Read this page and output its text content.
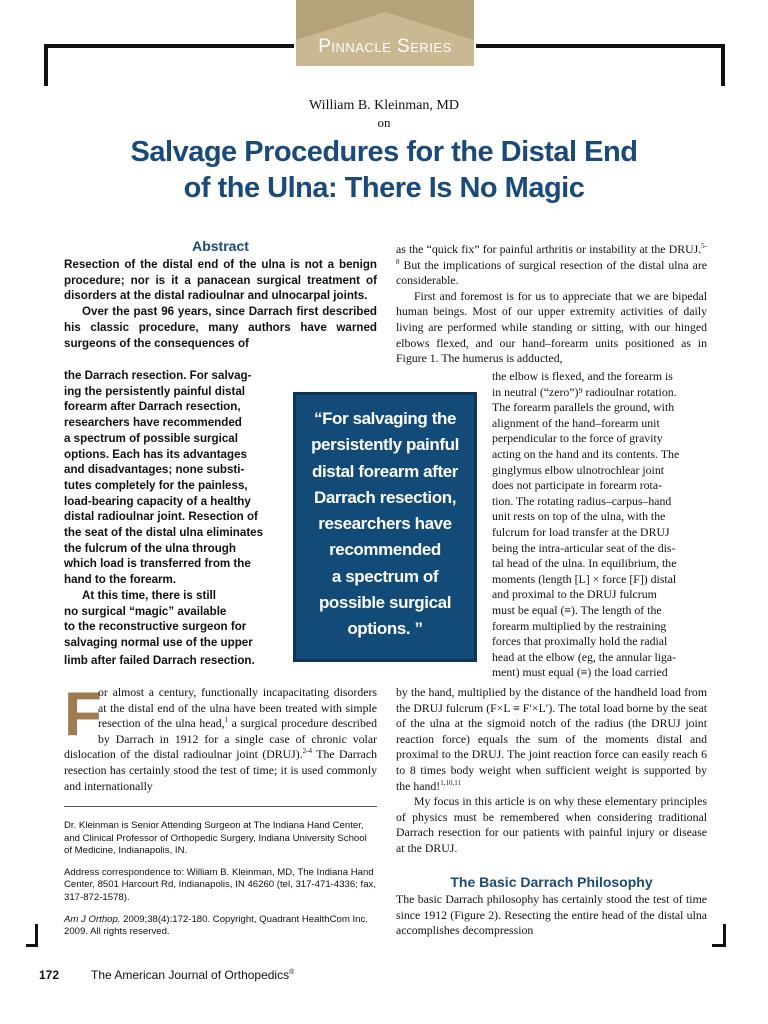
Pinnacle Series
William B. Kleinman, MD
on
Salvage Procedures for the Distal End
of the Ulna: There Is No Magic
Abstract

Resection of the distal end of the ulna is not a benign procedure; nor is it a panacean surgical treatment of disorders at the distal radioulnar and ulnocarpal joints.

Over the past 96 years, since Darrach first described his classic procedure, many authors have warned surgeons of the consequences of

the Darrach resection. For salvag-
ing the persistently painful distal
forearm after Darrach resection,
researchers have recommended
a spectrum of possible surgical
options. Each has its advantages
and disadvantages; none substi-
tutes completely for the painless,
load-bearing capacity of a healthy
distal radioulnar joint. Resection of
the seat of the distal ulna eliminates
the fulcrum of the ulna through
which load is transferred from the
hand to the forearm.
At this time, there is still
no surgical “magic” available
to the reconstructive surgeon for
salvaging normal use of the upper
limb after failed Darrach resection.
“For salvaging the
persistently painful
distal forearm after
Darrach resection,
researchers have
recommended
a spectrum of
possible surgical
options. ”
F
or almost a century, functionally incapacitating disorders at the distal end of the ulna have been treated with simple resection of the ulna head,$^1$ a surgical procedure described by Darrach in 1912 for a single case of chronic volar dislocation of the distal radioulnar joint (DRUJ).$^{2-4}$ The Darrach resection has certainly stood the test of time; it is used commonly and internationally

Dr. Kleinman is Senior Attending Surgeon at The Indiana Hand Center, and Clinical Professor of Orthopedic Surgery, Indiana University School of Medicine, Indianapolis, IN.

Address correspondence to: William B. Kleinman, MD, The Indiana Hand Center, 8501 Harcourt Rd, Indianapolis, IN 46260 (tel, 317-471-4336; fax, 317-872-1578).

Am J Orthop. 2009;38(4):172-180. Copyright, Quadrant HealthCom Inc. 2009. All rights reserved.

as the “quick fix” for painful arthritis or instability at the DRUJ.$^{5-8}$ But the implications of surgical resection of the distal ulna are considerable.

First and foremost is for us to appreciate that we are bipedal human beings. Most of our upper extremity activities of daily living are performed while standing or sitting, with our hinged elbows flexed, and our hand–forearm units positioned as in Figure 1. The humerus is adducted,

the elbow is flexed, and the forearm is
in neutral (“zero”)⁹ radioulnar rotation.
The forearm parallels the ground, with
alignment of the hand–forearm unit
perpendicular to the force of gravity
acting on the hand and its contents. The
ginglymus elbow ulnotrochlear joint
does not participate in forearm rota-
tion. The rotating radius–carpus–hand
unit rests on top of the ulna, with the
fulcrum for load transfer at the DRUJ
being the intra-articular seat of the dis-
tal head of the ulna. In equilibrium, the
moments (length [L] × force [F]) distal
and proximal to the DRUJ fulcrum
must be equal (≡). The length of the
forearm multiplied by the restraining
forces that proximally hold the radial
head at the elbow (eg, the annular liga-
ment) must equal (≡) the load carried

by the hand, multiplied by the distance of the handheld load from the DRUJ fulcrum (F×L ≡ F′×L′). The total load borne by the seat of the ulna at the sigmoid notch of the radius (the DRUJ joint reaction force) equals the sum of the moments distal and proximal to the DRUJ. The joint reaction force can easily reach 6 to 8 times body weight when sufficient weight is supported by the hand!$^{1,10,11}$

My focus in this article is on why these elementary principles of physics must be remembered when considering traditional Darrach resection for our patients with painful injury or disease at the DRUJ.

The Basic Darrach Philosophy
The basic Darrach philosophy has certainly stood the test of time since 1912 (Figure 2). Resecting the entire head of the distal ulna accomplishes decompression
172	The American Journal of Orthopedics®
